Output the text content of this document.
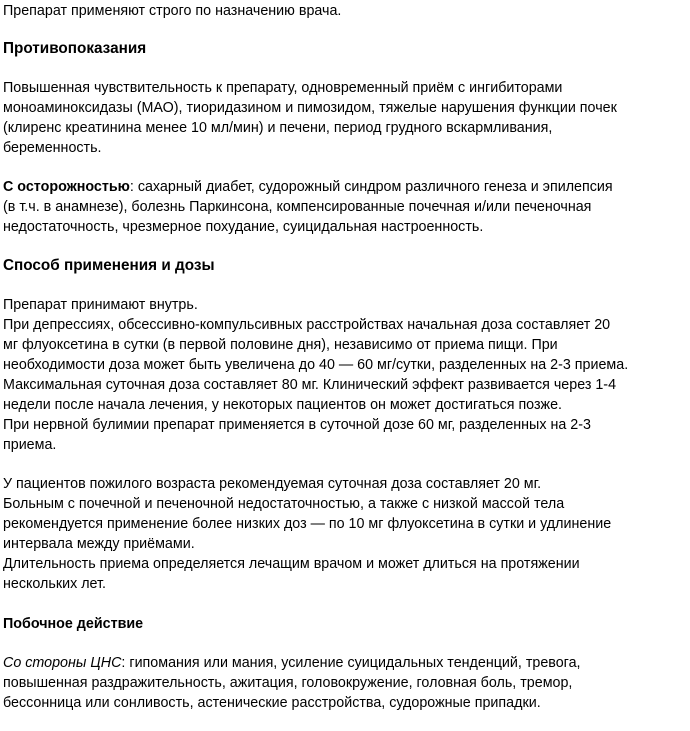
Препарат применяют строго по назначению врача.

Противопоказания

Повышенная чувствительность к препарату, одновременный приём с ингибиторами
моноаминоксидазы (МАО), тиоридазином и пимозидом, тяжелые нарушения функции почек
(клиренс креатинина менее 10 мл/мин) и печени, период грудного вскармливания,
беременность.

С осторожностью: сахарный диабет, судорожный синдром различного генеза и эпилепсия
(в т.ч. в анамнезе), болезнь Паркинсона, компенсированные почечная и/или печеночная
недостаточность, чрезмерное похудание, суицидальная настроенность.

Способ применения и дозы

Препарат принимают внутрь.
При депрессиях, обсессивно-компульсивных расстройствах начальная доза составляет 20
мг флуоксетина в сутки (в первой половине дня), независимо от приема пищи. При
необходимости доза может быть увеличена до 40 — 60 мг/сутки, разделенных на 2-3 приема.
Максимальная суточная доза составляет 80 мг. Клинический эффект развивается через 1-4
недели после начала лечения, у некоторых пациентов он может достигаться позже.
При нервной булимии препарат применяется в суточной дозе 60 мг, разделенных на 2-3
приема.

У пациентов пожилого возраста рекомендуемая суточная доза составляет 20 мг.
Больным с почечной и печеночной недостаточностью, а также с низкой массой тела
рекомендуется применение более низких доз — по 10 мг флуоксетина в сутки и удлинение
интервала между приёмами.
Длительность приема определяется лечащим врачом и может длиться на протяжении
нескольких лет.

Побочное действие

Со стороны ЦНС: гипомания или мания, усиление суицидальных тенденций, тревога,
повышенная раздражительность, ажитация, головокружение, головная боль, тремор,
бессонница или сонливость, астенические расстройства, судорожные припадки.
